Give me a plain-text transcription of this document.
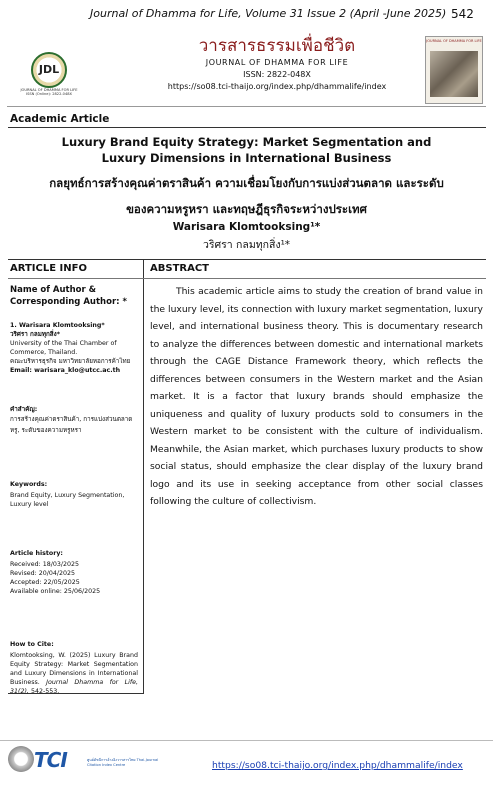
Journal of Dhamma for Life, Volume 31 Issue 2 (April -June 2025) 542
JDL
JOURNAL OF DHAMMA FOR LIFE ISSN (Online): 2822-048X
วารสารธรรมเพื่อชีวิต
JOURNAL OF DHAMMA FOR LIFE
ISSN: 2822-048X
https://so08.tci-thaijo.org/index.php/dhammalife/index
JOURNAL OF DHAMMA FOR LIFE
Academic Article
Luxury Brand Equity Strategy: Market Segmentation and Luxury Dimensions in International Business
กลยุทธ์การสร้างคุณค่าตราสินค้า ความเชื่อมโยงกับการแบ่งส่วนตลาด และระดับของความหรูหรา และทฤษฎีธุรกิจระหว่างประเทศ
Warisara Klomtooksing¹*
วริศรา กลมทุกสิ่ง¹*
ARTICLE INFO
Name of Author & Corresponding Author: *
1. Warisara Klomtooksing*
วริศรา กลมทุกสิ่ง*
University of the Thai Chamber of Commerce, Thailand.
คณะบริหารธุรกิจ มหาวิทยาลัยหอการค้าไทย
Email: warisara_klo@utcc.ac.th
คำสำคัญ:
การสร้างคุณค่าตราสินค้า, การแบ่งส่วนตลาด หรู, ระดับของความหรูหรา
Keywords:
Brand Equity, Luxury Segmentation, Luxury level
Article history:
Received: 18/03/2025
Revised: 20/04/2025
Accepted: 22/05/2025
Available online: 25/06/2025
How to Cite:
Klomtooksing, W. (2025) Luxury Brand Equity Strategy: Market Segmentation and Luxury Dimensions in International Business. Journal Dhamma for Life, 31(2), 542-553.
ABSTRACT
This academic article aims to study the creation of brand value in the luxury level, its connection with luxury market segmentation, luxury level, and international business theory. This is documentary research to analyze the differences between domestic and international markets through the CAGE Distance Framework theory, which reflects the differences between consumers in the Western market and the Asian market. It is a factor that luxury brands should emphasize the uniqueness and quality of luxury products sold to consumers in the Western market to be consistent with the culture of individualism. Meanwhile, the Asian market, which purchases luxury products to show social status, should emphasize the clear display of the luxury brand logo and its use in seeking acceptance from other social classes following the culture of collectivism.
TCI	ศูนย์ดัชนีการอ้างอิงวารสารไทย Thai-Journal Citation Index Centre	https://so08.tci-thaijo.org/index.php/dhammalife/index
